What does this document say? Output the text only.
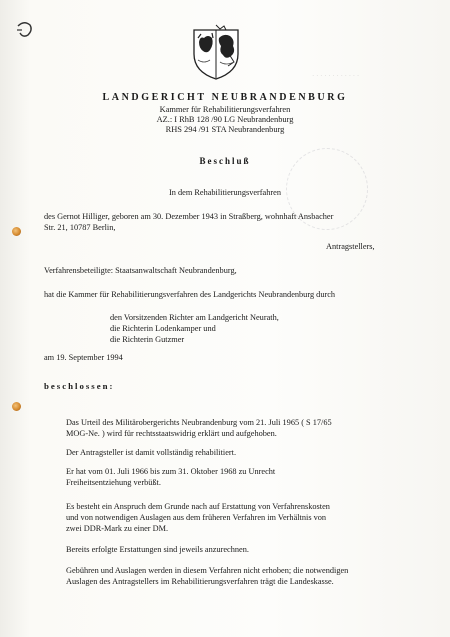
· · · · · · · · · · · ·
LANDGERICHT NEUBRANDENBURG
Kammer für Rehabilitierungsverfahren
AZ.: I RhB 128 /90 LG Neubrandenburg
RHS 294 /91 STA Neubrandenburg
Beschluß
In dem Rehabilitierungsverfahren
des Gernot Hilliger, geboren am 30. Dezember 1943 in Straßberg, wohnhaft Ansbacher
Str. 21, 10787 Berlin,
Antragstellers,
Verfahrensbeteiligte: Staatsanwaltschaft Neubrandenburg,
hat die Kammer für Rehabilitierungsverfahren des Landgerichts Neubrandenburg durch
den Vorsitzenden Richter am Landgericht Neurath,
die Richterin Lodenkamper und
die Richterin Gutzmer
am 19. September 1994
beschlossen:
Das Urteil des Militärobergerichts Neubrandenburg vom 21. Juli 1965 ( S 17/65
MOG-Ne. ) wird für rechtsstaatswidrig erklärt und aufgehoben.
Der Antragsteller ist damit vollständig rehabilitiert.
Er hat vom 01. Juli 1966 bis zum 31. Oktober 1968 zu Unrecht
Freiheitsentziehung verbüßt.
Es besteht ein Anspruch dem Grunde nach auf Erstattung von Verfahrenskosten
und von notwendigen Auslagen aus dem früheren Verfahren im Verhältnis von
zwei DDR-Mark zu einer DM.
Bereits erfolgte Erstattungen sind jeweils anzurechnen.
Gebühren und Auslagen werden in diesem Verfahren nicht erhoben; die notwendigen
Auslagen des Antragstellers im Rehabilitierungsverfahren trägt die Landeskasse.
